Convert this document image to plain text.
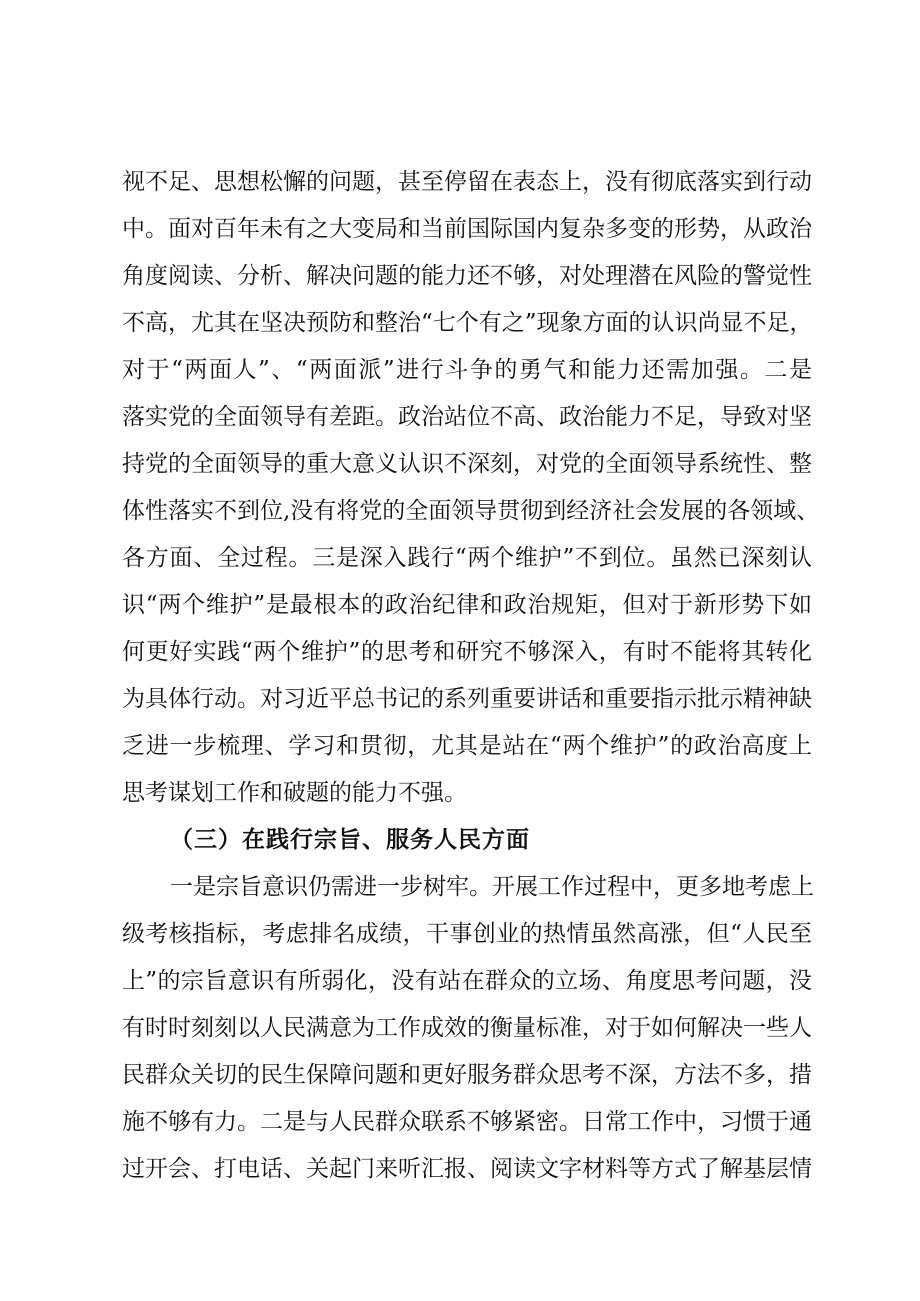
视不足、思想松懈的问题，甚至停留在表态上，没有彻底落实到行动
中。面对百年未有之大变局和当前国际国内复杂多变的形势，从政治
角度阅读、分析、解决问题的能力还不够，对处理潜在风险的警觉性
不高，尤其在坚决预防和整治“七个有之”现象方面的认识尚显不足，
对于“两面人”、“两面派”进行斗争的勇气和能力还需加强。二是
落实党的全面领导有差距。政治站位不高、政治能力不足，导致对坚
持党的全面领导的重大意义认识不深刻，对党的全面领导系统性、整
体性落实不到位,没有将党的全面领导贯彻到经济社会发展的各领域、
各方面、全过程。三是深入践行“两个维护”不到位。虽然已深刻认
识“两个维护”是最根本的政治纪律和政治规矩，但对于新形势下如
何更好实践“两个维护”的思考和研究不够深入，有时不能将其转化
为具体行动。对习近平总书记的系列重要讲话和重要指示批示精神缺
乏进一步梳理、学习和贯彻，尤其是站在“两个维护”的政治高度上
思考谋划工作和破题的能力不强。
（三）在践行宗旨、服务人民方面
一是宗旨意识仍需进一步树牢。开展工作过程中，更多地考虑上
级考核指标，考虑排名成绩，干事创业的热情虽然高涨，但“人民至
上”的宗旨意识有所弱化，没有站在群众的立场、角度思考问题，没
有时时刻刻以人民满意为工作成效的衡量标准，对于如何解决一些人
民群众关切的民生保障问题和更好服务群众思考不深，方法不多，措
施不够有力。二是与人民群众联系不够紧密。日常工作中，习惯于通
过开会、打电话、关起门来听汇报、阅读文字材料等方式了解基层情
